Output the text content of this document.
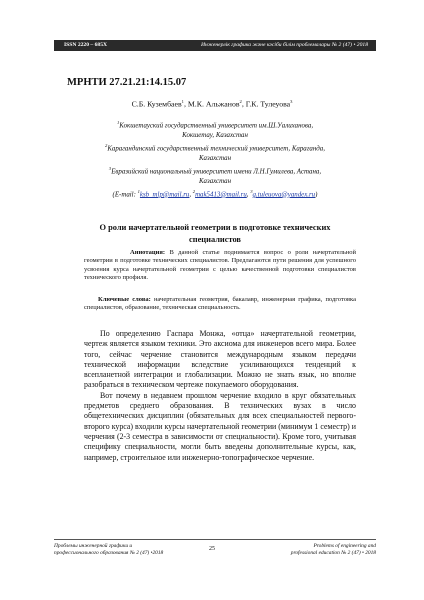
ISSN 2220 – 685X	Инженерлік графика және кәсіби білім проблемалары № 2 (47) • 2018

МРНТИ 27.21.21:14.15.07

С.Б. Кузембаев$^1$, М.К. Альжанов$^2$, Г.К. Тулеуова$^3$
$^1$Кокшетауский государственный университет им.Ш.Уалиханова,
Кокшетау, Казахстан
$^2$Карагандинский государственный технический университет, Караганда,
Казахстан
$^3$Евразийский национальный университет имени Л.Н.Гумилева, Астана,
Казахстан
(E-mail: $^1$ksb_mlp@mail.ru, $^2$mak5413@mail.ru, $^3$g.tuleuova@yandex.ru)
О роли начертательной геометрии в подготовке технических специалистов
Аннотация: В данной статье поднимается вопрос о роли начертательной геометрии в подготовке технических специалистов. Предлагаются пути решения для успешного усвоения курса начертательной геометрии с целью качественной подготовки специалистов технического профиля.
Ключевые слова: начертательная геометрия, бакалавр, инженерная графика, подготовка специалистов, образование, техническая специальность.

По определению Гаспара Монжа, «отца» начертательной геометрии, чертеж является языком техники. Это аксиома для инженеров всего мира. Более того, сейчас черчение становится международным языком передачи технической информации вследствие усиливающихся тенденций к всепланетной интеграции и глобализации. Можно не знать язык, но вполне разобраться в техническом чертеже покупаемого оборудования.

Вот почему в недавнем прошлом черчение входило в круг обязательных предметов среднего образования. В технических вузах в число общетехнических дисциплин (обязательных для всех специальностей первого-второго курса) входили курсы начертательной геометрии (минимум 1 семестр) и черчения (2-3 семестра в зависимости от специальности). Кроме того, учитывая специфику специальности, могли быть введены дополнительные курсы, как, например, строительное или инженерно-топографическое черчение.

Проблемы инженерной графики и
профессионального образования № 2 (47) •2018
25	Problems of engineering and
professional education № 2 (47) • 2018
